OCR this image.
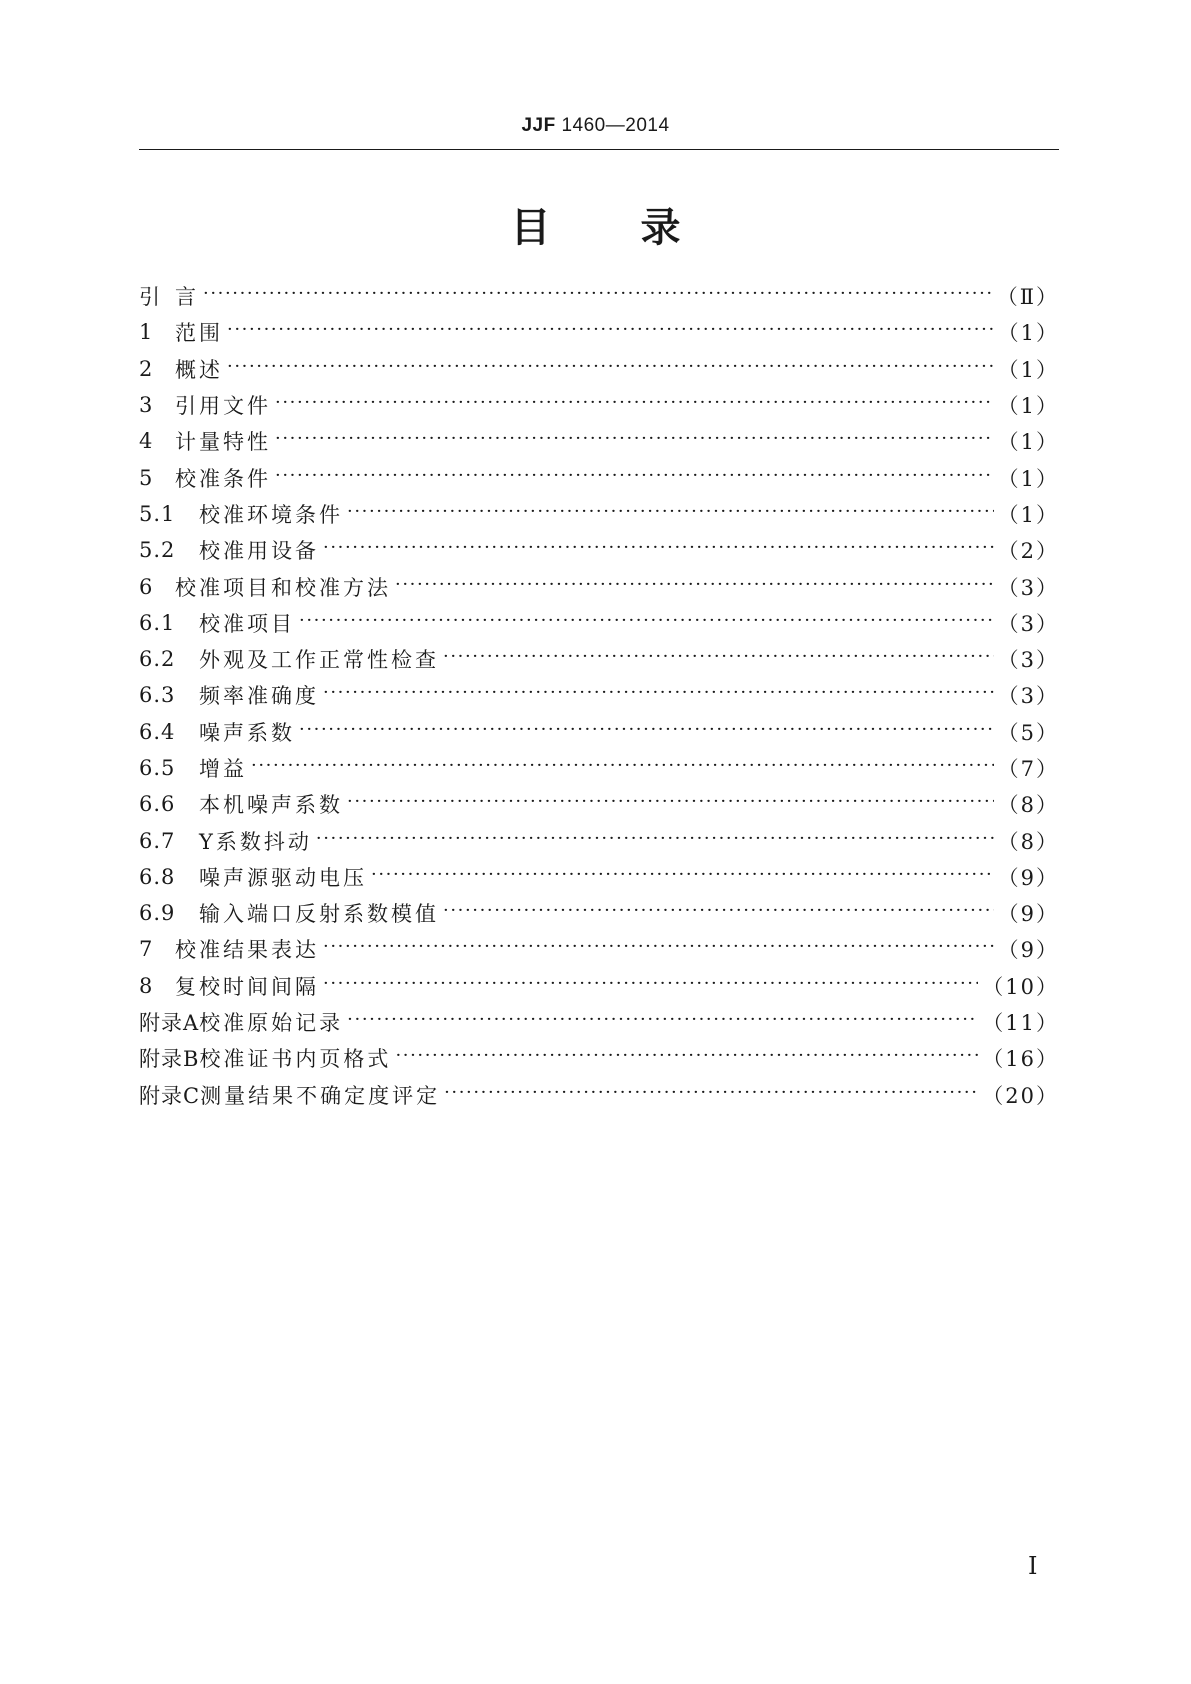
JJF 1460—2014
目 录
引 言 ·····	（Ⅱ）
1	范围 ·····	（1）
2	概述 ·····	（1）
3	引用文件 ·····	（1）
4	计量特性 ·····	（1）
5	校准条件 ·····	（1）
5.1	校准环境条件 ·····	（1）
5.2	校准用设备 ·····	（2）
6	校准项目和校准方法 ·····	（3）
6.1	校准项目 ·····	（3）
6.2	外观及工作正常性检查 ·····	（3）
6.3	频率准确度 ·····	（3）
6.4	噪声系数 ·····	（5）
6.5	增益 ·····	（7）
6.6	本机噪声系数 ·····	（8）
6.7	Y系数抖动 ·····	（8）
6.8	噪声源驱动电压 ·····	（9）
6.9	输入端口反射系数模值 ·····	（9）
7	校准结果表达 ·····	（9）
8	复校时间间隔 ·····	（10）
附录A 校准原始记录 ·····	（11）
附录B 校准证书内页格式 ·····	（16）
附录C 测量结果不确定度评定 ·····	（20）
Ⅰ
